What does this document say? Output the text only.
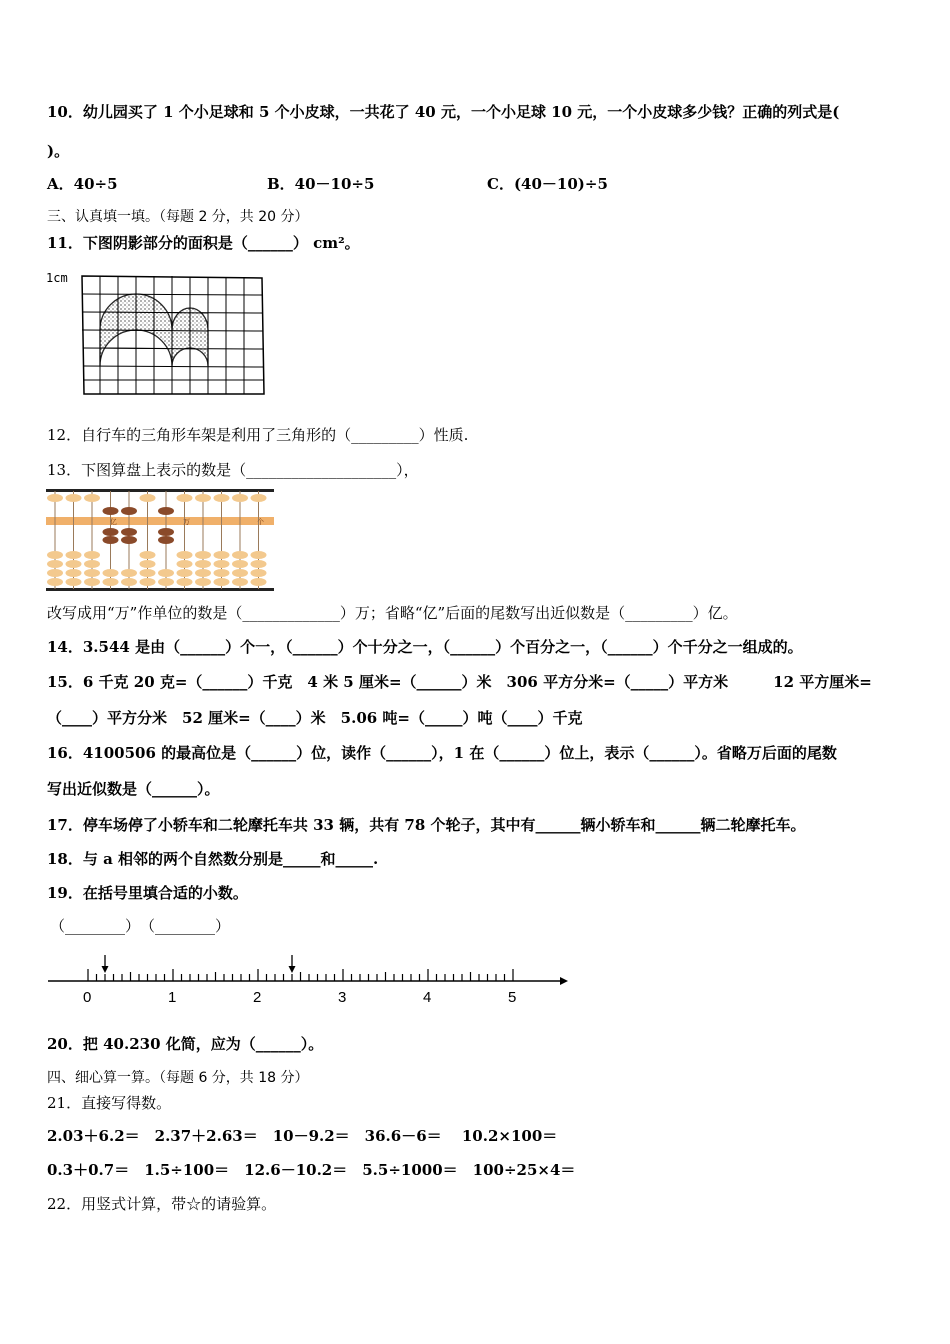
10．幼儿园买了 1 个小足球和 5 个小皮球，一共花了 40 元，一个小足球 10 元，一个小皮球多少钱？正确的列式是(
)。
A．40÷5	B．40－10÷5	C．(40－10)÷5
三、认真填一填。（每题 2 分，共 20 分）
11．下图阴影部分的面积是（______） cm²。
1cm
12．自行车的三角形车架是利用了三角形的（_________）性质.
13．下图算盘上表示的数是（____________________），
亿	万	个
改写成用“万”作单位的数是（_____________）万；省略“亿”后面的尾数写出近似数是（_________）亿。
14．3.544 是由（______）个一，（______）个十分之一，（______）个百分之一，（______）个千分之一组成的。
15．6 千克 20 克=（______）千克　4 米 5 厘米=（______）米　306 平方分米=（_____）平方米　　　12 平方厘米=
（____）平方分米　52 厘米=（____）米　5.06 吨=（_____）吨（____）千克
16．4100506 的最高位是（______）位，读作（______），1 在（______）位上，表示（______）。省略万后面的尾数
写出近似数是（______）。
17．停车场停了小轿车和二轮摩托车共 33 辆，共有 78 个轮子，其中有______辆小轿车和______辆二轮摩托车。
18．与 a 相邻的两个自然数分别是_____和_____.
19．在括号里填合适的小数。
（________）　（________）
0	1	2	3	4	5
20．把 40.230 化简，应为（______）。
四、细心算一算。（每题 6 分，共 18 分）
21．直接写得数。
2.03＋6.2＝　2.37＋2.63＝　10－9.2＝　36.6－6＝　 10.2×100＝
0.3＋0.7＝　1.5÷100＝　12.6－10.2＝　5.5÷1000＝　100÷25×4＝
22．用竖式计算，带☆的请验算。
